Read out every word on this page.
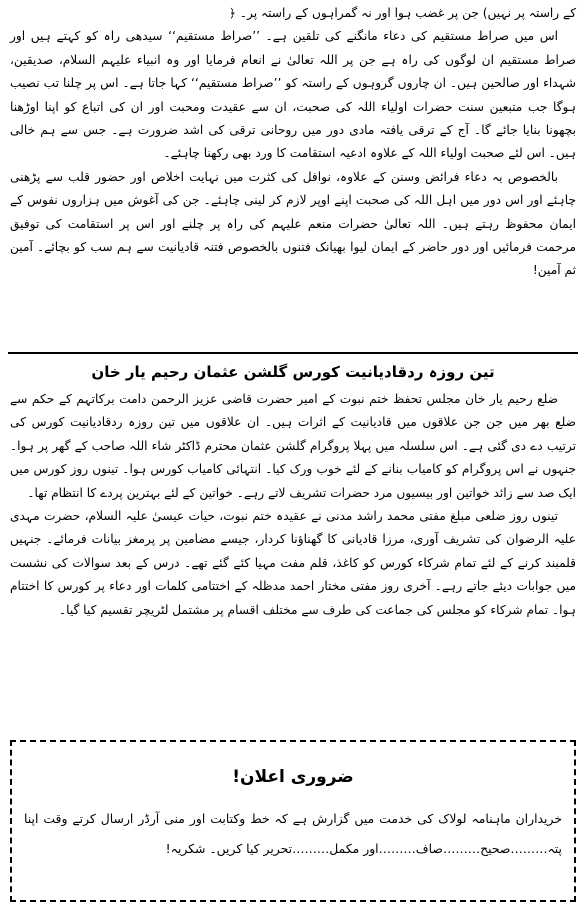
کے راستہ پر نہیں) جن پر غضب ہوا اور نہ گمراہوں کے راستہ پر۔ ﴿

اس میں صراط مستقیم کی دعاء مانگنے کی تلقین ہے۔ ’’صراط مستقیم‘‘ سیدھی راہ کو کہتے ہیں اور صراط مستقیم ان لوگوں کی راہ ہے جن پر اللہ تعالیٰ نے انعام فرمایا اور وہ انبیاء علیہم السلام، صدیقین، شہداء اور صالحین ہیں۔ ان چاروں گروہوں کے راستہ کو ’’صراط مستقیم‘‘ کہا جاتا ہے۔ اس پر چلنا تب نصیب ہوگا جب متبعین سنت حضرات اولیاء اللہ کی صحبت، ان سے عقیدت ومحبت اور ان کی اتباع کو اپنا اوڑھنا بچھونا بنایا جائے گا۔ آج کے ترقی یافتہ مادی دور میں روحانی ترقی کی اشد ضرورت ہے۔ جس سے ہم خالی ہیں۔ اس لئے صحبت اولیاء اللہ کے علاوہ ادعیہ استقامت کا ورد بھی رکھنا چاہئے۔

بالخصوص یہ دعاء فرائض وسنن کے علاوہ، نوافل کی کثرت میں نہایت اخلاص اور حضور قلب سے پڑھنی چاہئے اور اس دور میں اہل اللہ کی صحبت اپنے اوپر لازم کر لینی چاہئے۔ جن کی آغوش میں ہزاروں نفوس کے ایمان محفوظ رہتے ہیں۔ اللہ تعالیٰ حضرات منعم علیہم کی راہ پر چلنے اور اس پر استقامت کی توفیق مرحمت فرمائیں اور دور حاضر کے ایمان لیوا بھیانک فتنوں بالخصوص فتنہ قادیانیت سے ہم سب کو بچائے۔ آمین ثم آمین!

تین روزہ ردقادیانیت کورس گلشن عثمان رحیم یار خان

ضلع رحیم یار خان مجلس تحفظ ختم نبوت کے امیر حضرت قاضی عزیز الرحمن دامت برکاتہم کے حکم سے ضلع بھر میں جن جن علاقوں میں قادیانیت کے اثرات ہیں۔ ان علاقوں میں تین روزہ ردقادیانیت کورس کی ترتیب دے دی گئی ہے۔ اس سلسلہ میں پہلا پروگرام گلشن عثمان محترم ڈاکٹر شاء اللہ صاحب کے گھر پر ہوا۔ جنہوں نے اس پروگرام کو کامیاب بنانے کے لئے خوب ورک کیا۔ انتہائی کامیاب کورس ہوا۔ تینوں روز کورس میں ایک صد سے زائد خواتین اور بیسیوں مرد حضرات تشریف لاتے رہے۔ خواتین کے لئے بہترین پردے کا انتظام تھا۔

تینوں روز ضلعی مبلغ مفتی محمد راشد مدنی نے عقیدہ ختم نبوت، حیات عیسیٰ علیہ السلام، حضرت مہدی علیہ الرضوان کی تشریف آوری، مرزا قادیانی کا گھناؤنا کردار، جیسے مضامین پر پرمغز بیانات فرمائے۔ جنہیں قلمبند کرنے کے لئے تمام شرکاء کورس کو کاغذ، قلم مفت مہیا کئے گئے تھے۔ درس کے بعد سوالات کی نشست میں جوابات دیئے جاتے رہے۔ آخری روز مفتی مختار احمد مدظلہ کے اختتامی کلمات اور دعاء پر کورس کا اختتام ہوا۔ تمام شرکاء کو مجلس کی جماعت کی طرف سے مختلف اقسام پر مشتمل لٹریچر تقسیم کیا گیا۔

ضروری اعلان!
خریداران ماہنامہ لولاک کی خدمت میں گزارش ہے کہ خط وکتابت اور منی آرڈر ارسال کرتے وقت اپنا پتہ………صحیح………صاف………اور مکمل………تحریر کیا کریں۔ شکریہ!
